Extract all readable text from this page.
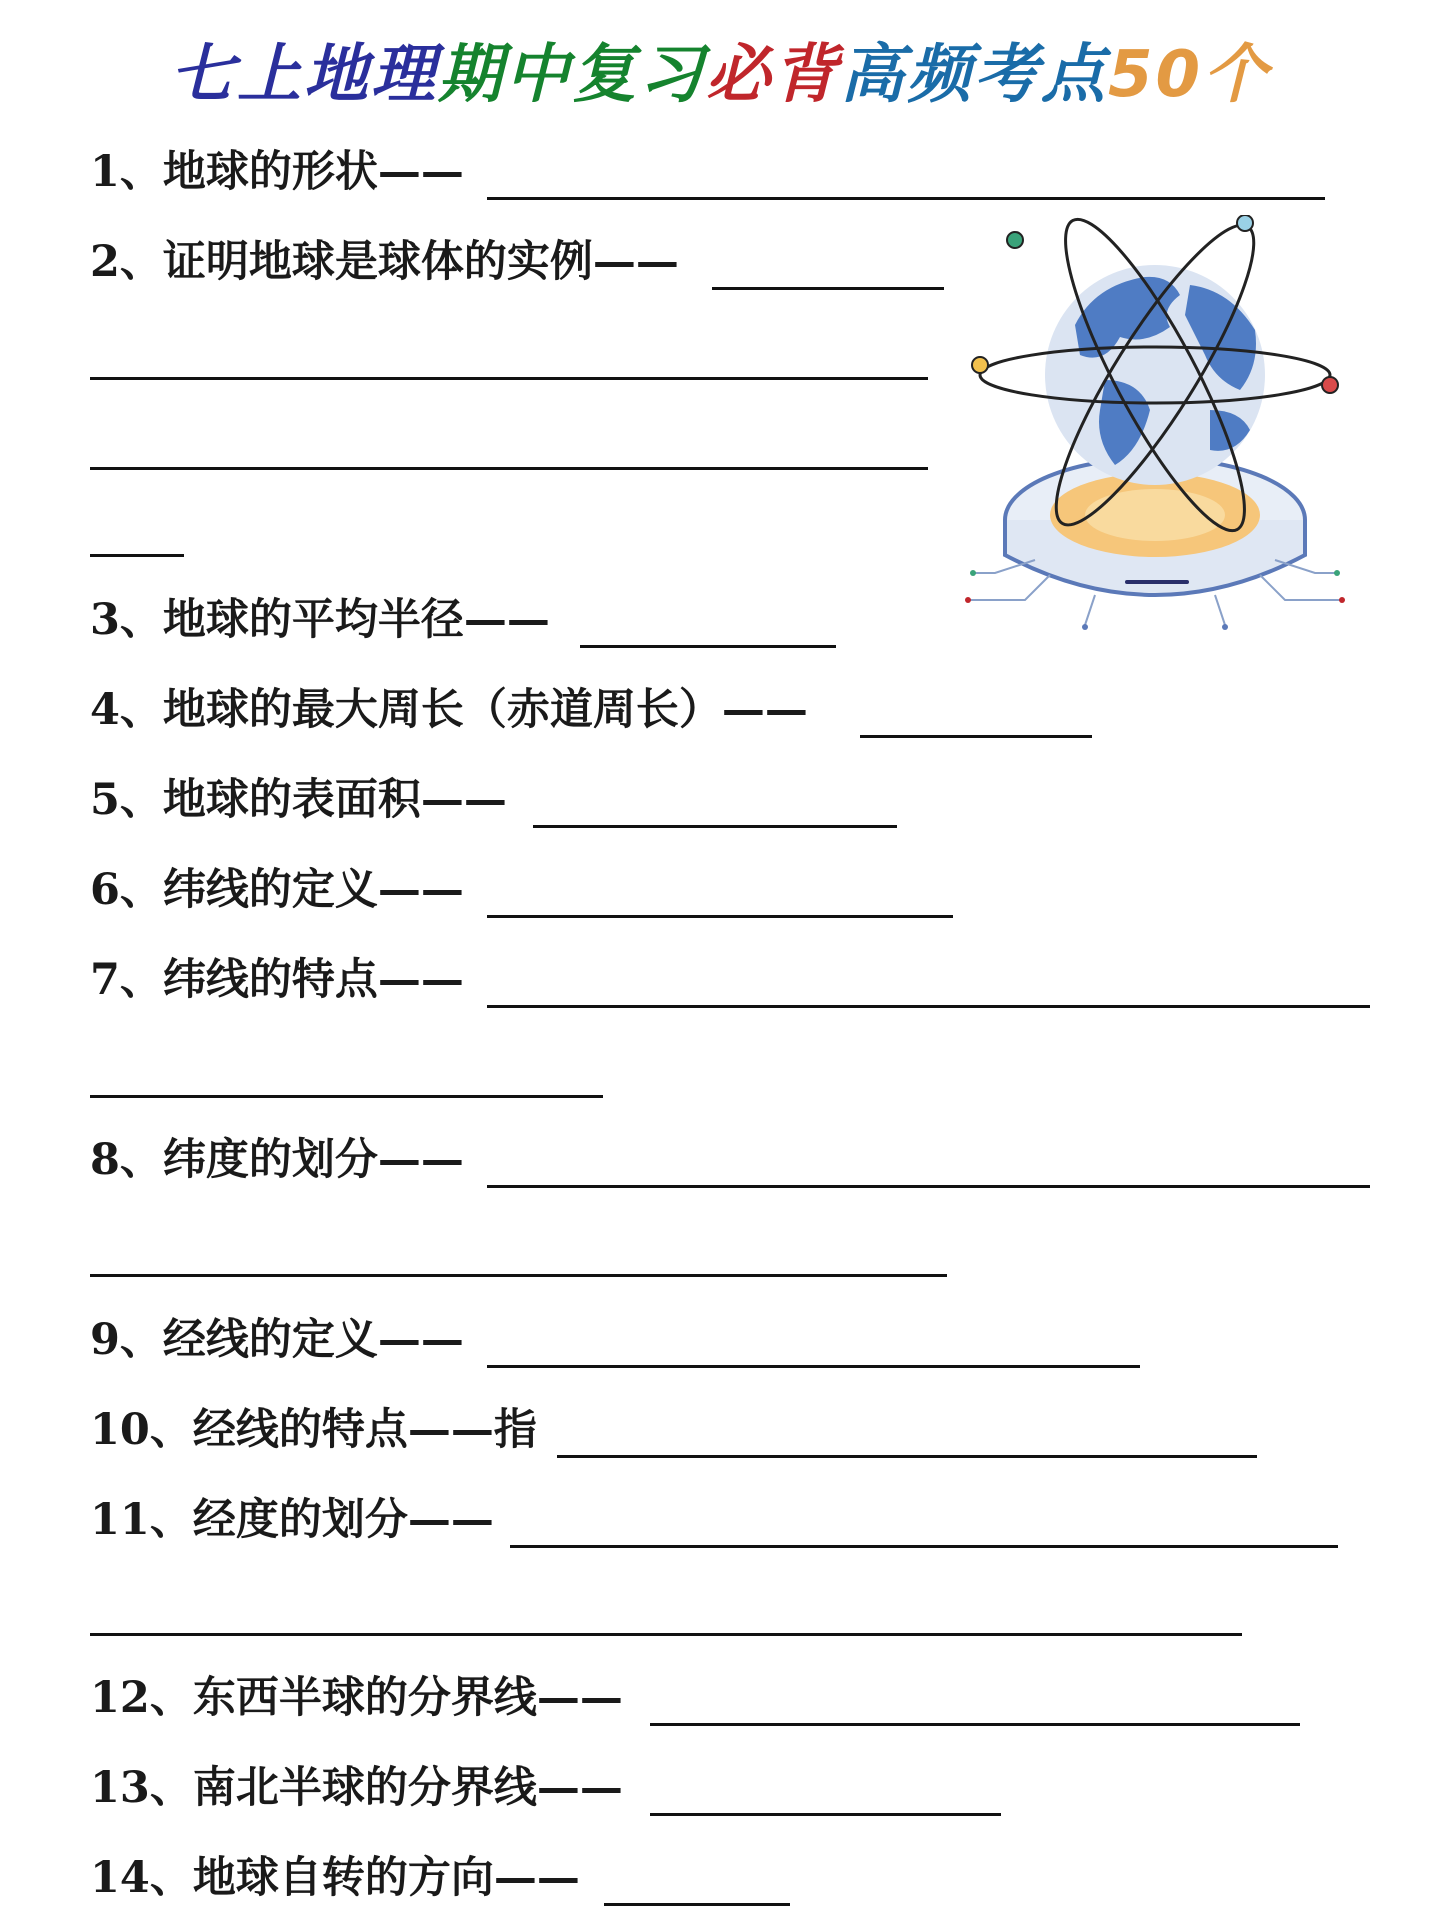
七上地理期中复习必背高频考点50个
1、地球的形状——
2、证明地球是球体的实例——
3、地球的平均半径——
4、地球的最大周长（赤道周长）——
5、地球的表面积——
6、纬线的定义——
7、纬线的特点——
8、纬度的划分——
9、经线的定义——
10、经线的特点——指
11、经度的划分——
12、东西半球的分界线——
13、南北半球的分界线——
14、地球自转的方向——
